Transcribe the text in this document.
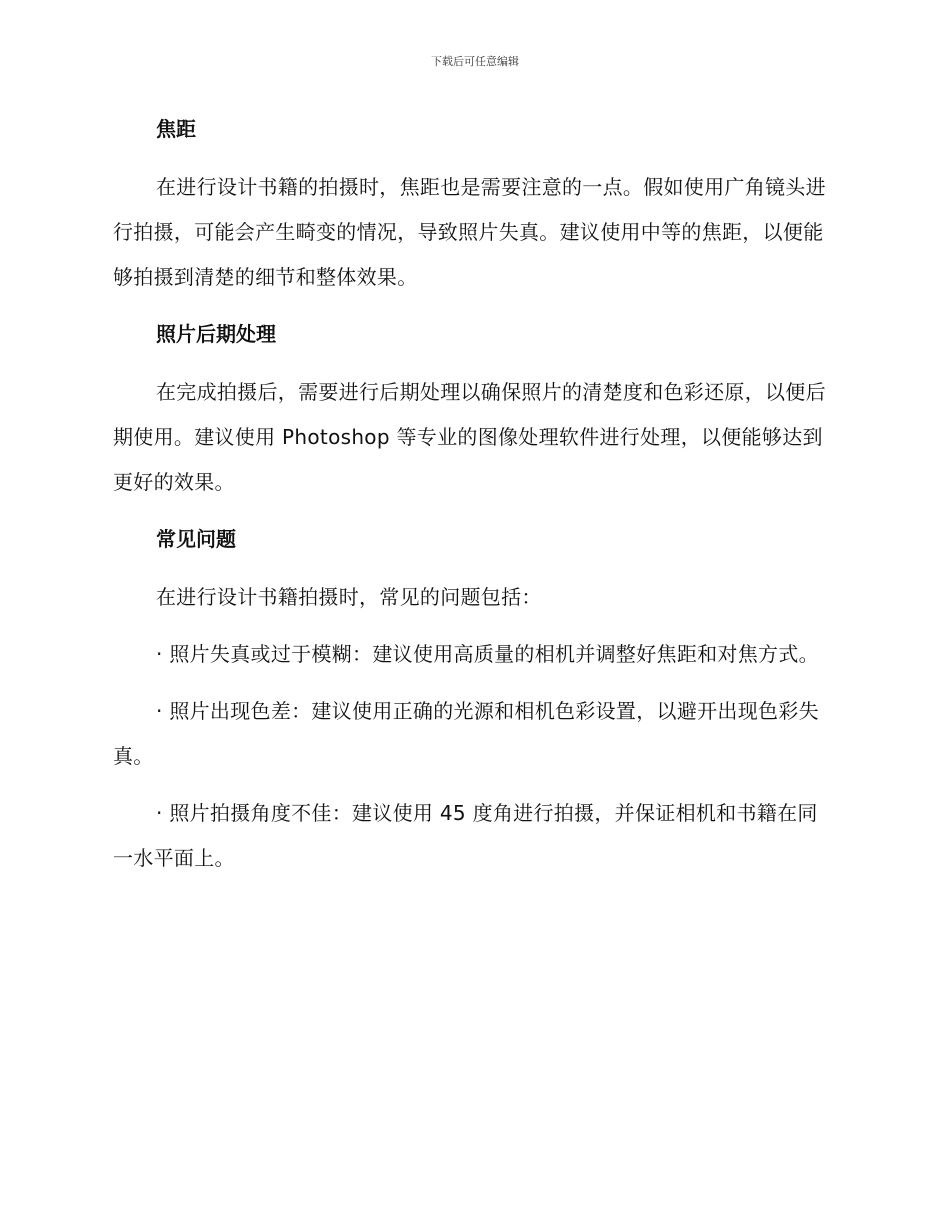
下载后可任意编辑
焦距

在进行设计书籍的拍摄时，焦距也是需要注意的一点。假如使用广角镜头进行拍摄，可能会产生畸变的情况，导致照片失真。建议使用中等的焦距，以便能够拍摄到清楚的细节和整体效果。

照片后期处理

在完成拍摄后，需要进行后期处理以确保照片的清楚度和色彩还原，以便后期使用。建议使用 Photoshop 等专业的图像处理软件进行处理，以便能够达到更好的效果。

常见问题

在进行设计书籍拍摄时，常见的问题包括：

· 照片失真或过于模糊：建议使用高质量的相机并调整好焦距和对焦方式。

· 照片出现色差：建议使用正确的光源和相机色彩设置，以避开出现色彩失真。

· 照片拍摄角度不佳：建议使用 45 度角进行拍摄，并保证相机和书籍在同一水平面上。
